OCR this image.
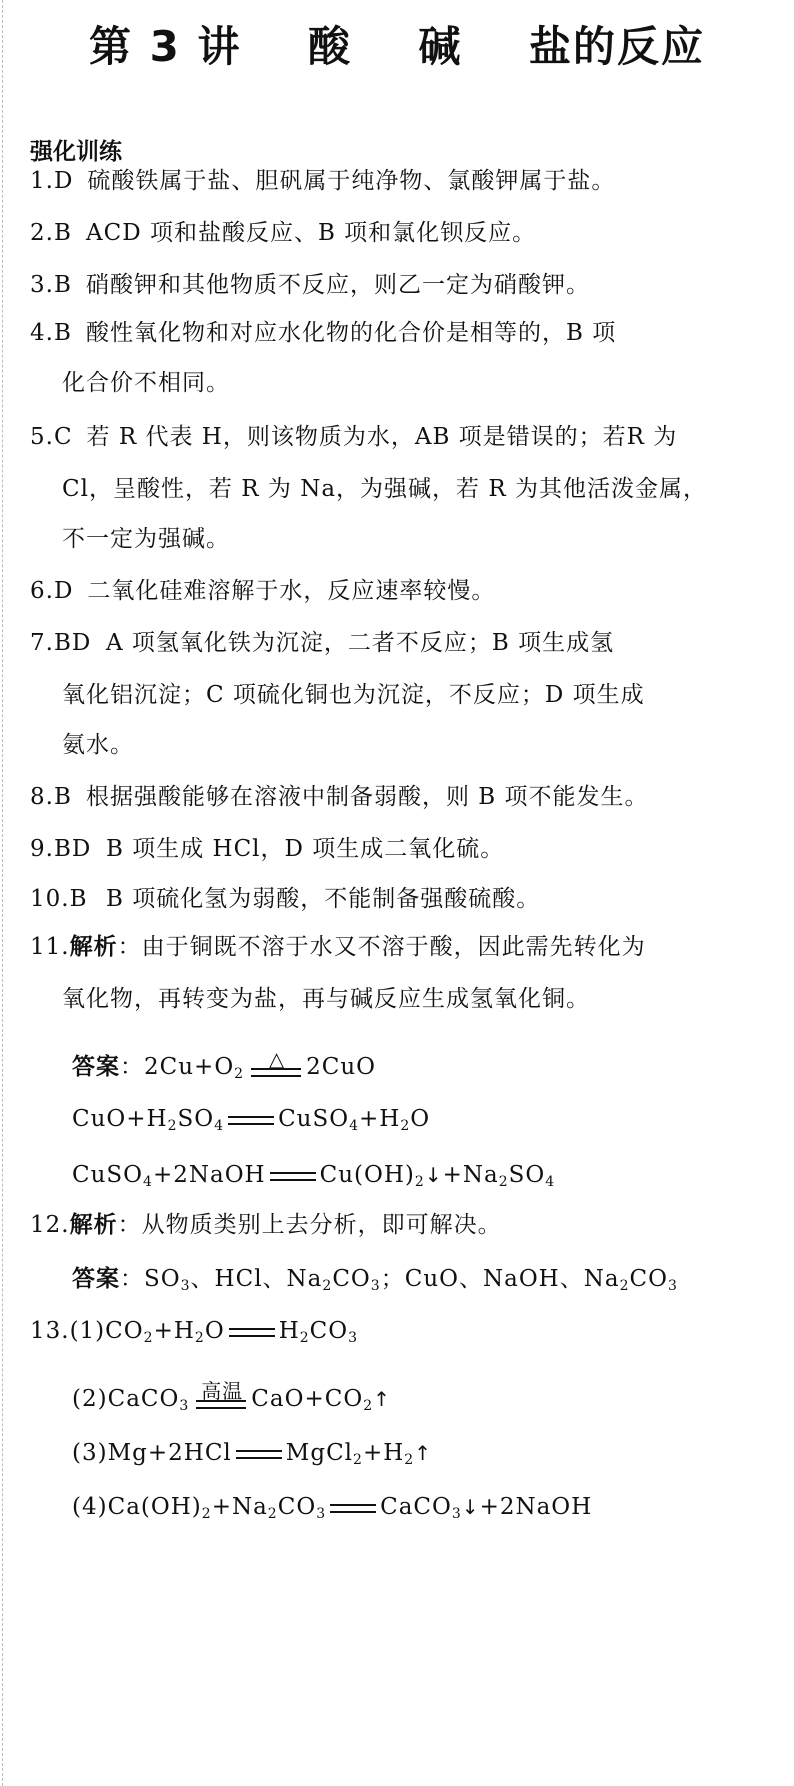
第 3 讲    酸    碱    盐的反应
强化训练
1.D 硫酸铁属于盐、胆矾属于纯净物、氯酸钾属于盐。
2.B ACD 项和盐酸反应、B 项和氯化钡反应。
3.B 硝酸钾和其他物质不反应，则乙一定为硝酸钾。
4.B 酸性氧化物和对应水化物的化合价是相等的，B 项
化合价不相同。
5.C 若 R 代表 H，则该物质为水，AB 项是错误的；若R 为
Cl，呈酸性，若 R 为 Na，为强碱，若 R 为其他活泼金属，
不一定为强碱。
6.D 二氧化硅难溶解于水，反应速率较慢。
7.BD A 项氢氧化铁为沉淀，二者不反应；B 项生成氢
氧化铝沉淀；C 项硫化铜也为沉淀，不反应；D 项生成
氨水。
8.B 根据强酸能够在溶液中制备弱酸，则 B 项不能发生。
9.BD B 项生成 HCl，D 项生成二氧化硫。
10.B B 项硫化氢为弱酸，不能制备强酸硫酸。
11.解析：由于铜既不溶于水又不溶于酸，因此需先转化为
氧化物，再转变为盐，再与碱反应生成氢氧化铜。
答案：$2Cu+O_2$
△ 2CuO
$CuO+H_2SO_4$ $CuSO_4+H_2O$
CuSO$_4$+2NaOH $Cu(OH)_2↓+Na_2SO_4$
12.解析：从物质类别上去分析，即可解决。
答案：$SO_3$、HCl、$Na_2CO_3$；CuO、NaOH、$Na_2CO_3$
$13.(1)CO_2+H_2O$ $H_2CO_3$
(2)CaCO$_3$
高温 $CaO+CO_2↑$
(3)Mg+2HCl $MgCl_2+H_2↑$
$(4)Ca(OH)_2+Na_2CO_3$ CaCO$_3$↓+2NaOH
